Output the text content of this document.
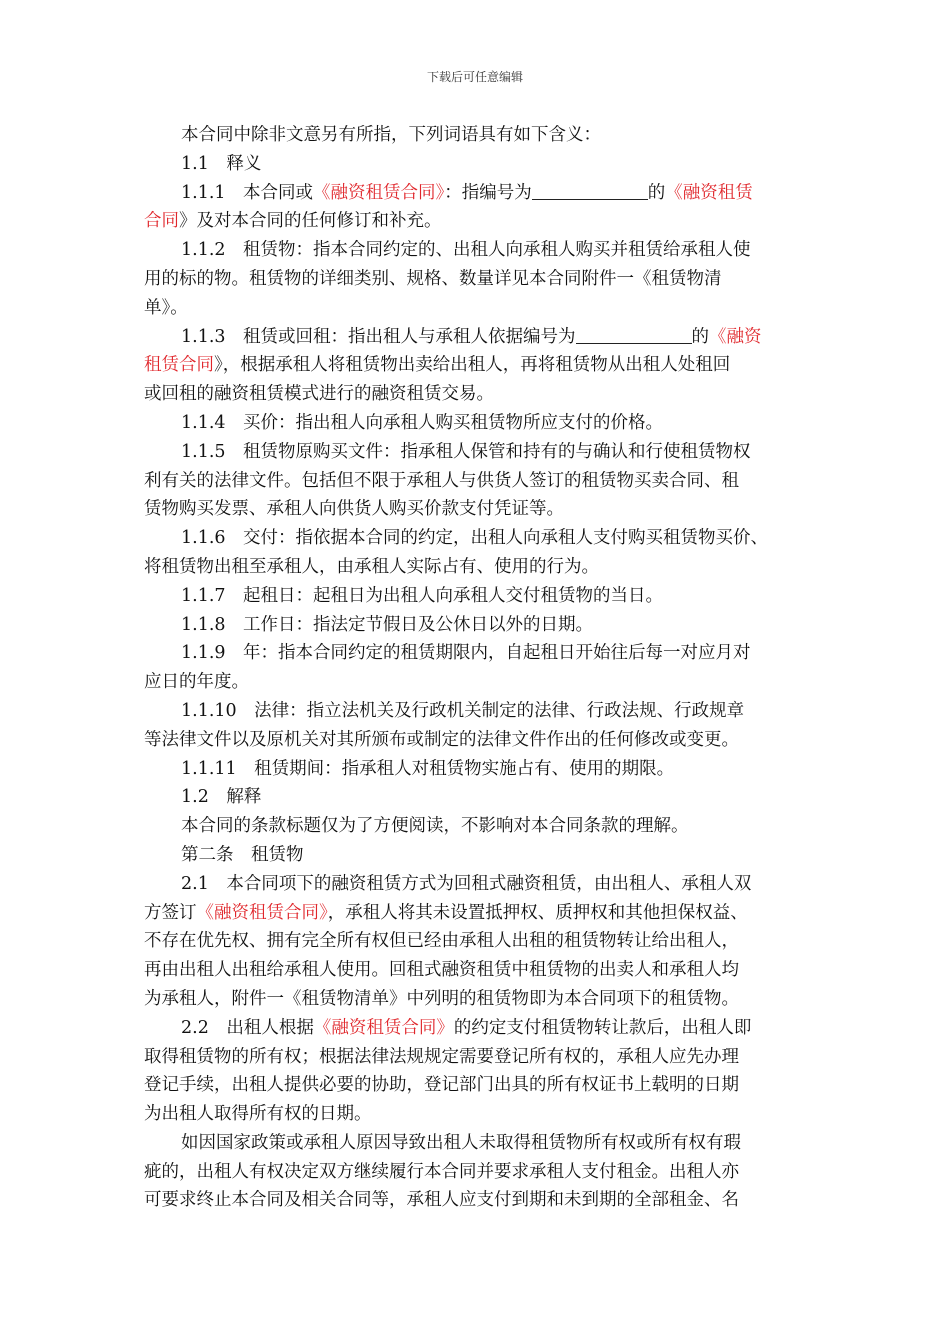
下载后可任意编辑
本合同中除非文意另有所指，下列词语具有如下含义：
1.1　释义
1.1.1　本合同或《融资租赁合同》：指编号为	的《融资租赁
合同》及对本合同的任何修订和补充。
1.1.2　租赁物：指本合同约定的、出租人向承租人购买并租赁给承租人使
用的标的物。租赁物的详细类别、规格、数量详见本合同附件一《租赁物清
单》。
1.1.3　租赁或回租：指出租人与承租人依据编号为	的《融资
租赁合同》，根据承租人将租赁物出卖给出租人，再将租赁物从出租人处租回
或回租的融资租赁模式进行的融资租赁交易。
1.1.4　买价：指出租人向承租人购买租赁物所应支付的价格。
1.1.5　租赁物原购买文件：指承租人保管和持有的与确认和行使租赁物权
利有关的法律文件。包括但不限于承租人与供货人签订的租赁物买卖合同、租
赁物购买发票、承租人向供货人购买价款支付凭证等。
1.1.6　交付：指依据本合同的约定，出租人向承租人支付购买租赁物买价、
将租赁物出租至承租人，由承租人实际占有、使用的行为。
1.1.7　起租日：起租日为出租人向承租人交付租赁物的当日。
1.1.8　工作日：指法定节假日及公休日以外的日期。
1.1.9　年：指本合同约定的租赁期限内，自起租日开始往后每一对应月对
应日的年度。
1.1.10　法律：指立法机关及行政机关制定的法律、行政法规、行政规章
等法律文件以及原机关对其所颁布或制定的法律文件作出的任何修改或变更。
1.1.11　租赁期间：指承租人对租赁物实施占有、使用的期限。
1.2　解释
本合同的条款标题仅为了方便阅读，不影响对本合同条款的理解。
第二条　租赁物
2.1　本合同项下的融资租赁方式为回租式融资租赁，由出租人、承租人双
方签订《融资租赁合同》，承租人将其未设置抵押权、质押权和其他担保权益、
不存在优先权、拥有完全所有权但已经由承租人出租的租赁物转让给出租人，
再由出租人出租给承租人使用。回租式融资租赁中租赁物的出卖人和承租人均
为承租人，附件一《租赁物清单》中列明的租赁物即为本合同项下的租赁物。
2.2　出租人根据《融资租赁合同》的约定支付租赁物转让款后，出租人即
取得租赁物的所有权；根据法律法规规定需要登记所有权的，承租人应先办理
登记手续，出租人提供必要的协助，登记部门出具的所有权证书上载明的日期
为出租人取得所有权的日期。
如因国家政策或承租人原因导致出租人未取得租赁物所有权或所有权有瑕
疵的，出租人有权决定双方继续履行本合同并要求承租人支付租金。出租人亦
可要求终止本合同及相关合同等，承租人应支付到期和未到期的全部租金、名
